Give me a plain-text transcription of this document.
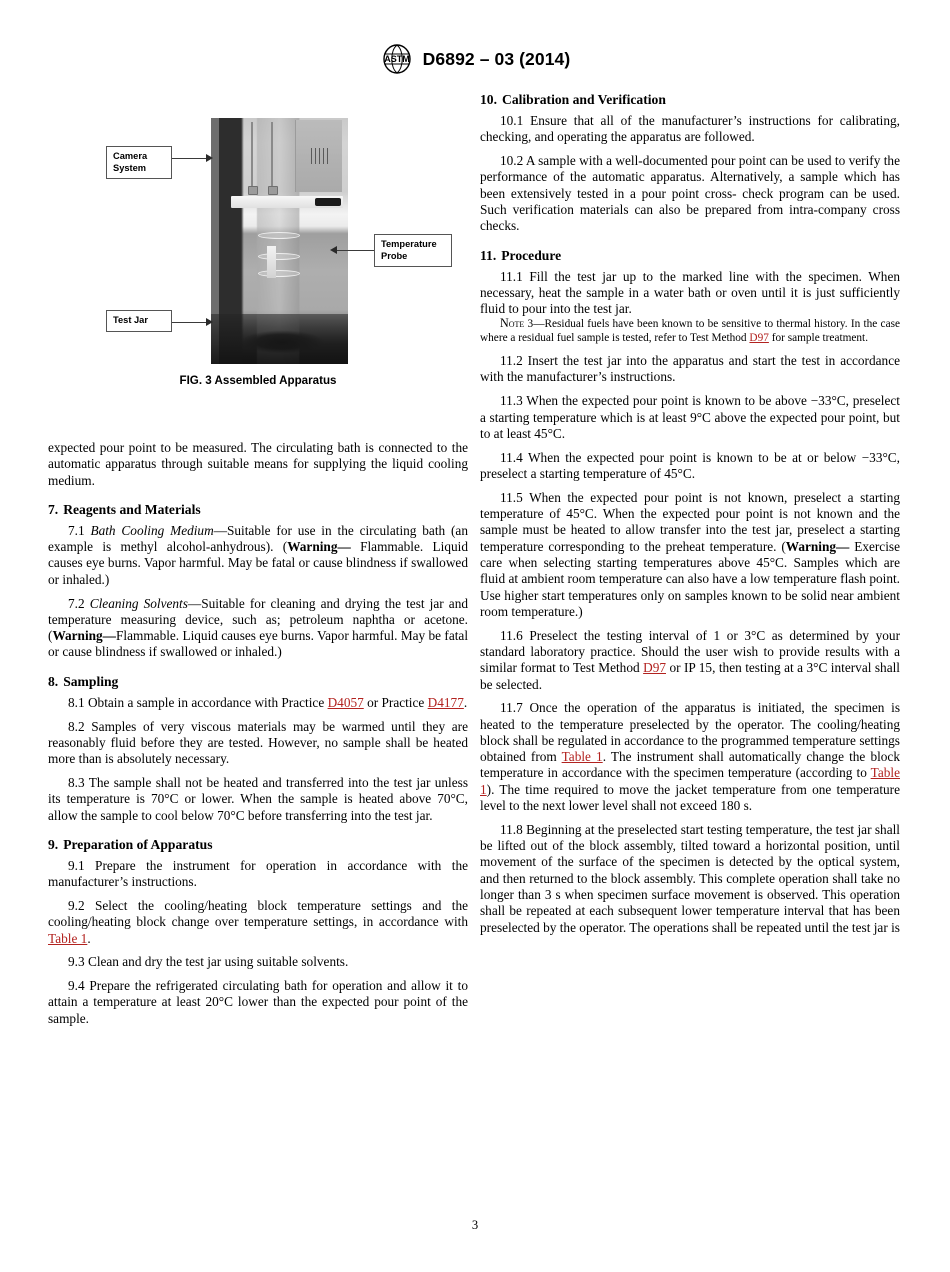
ASTM D6892 – 03 (2014)
Camera System
Test Jar
Temperature Probe
FIG. 3 Assembled Apparatus

expected pour point to be measured. The circulating bath is connected to the automatic apparatus through suitable means for supplying the liquid cooling medium.

7. Reagents and Materials

7.1 Bath Cooling Medium—Suitable for use in the circulating bath (an example is methyl alcohol-anhydrous). (Warning— Flammable. Liquid causes eye burns. Vapor harmful. May be fatal or cause blindness if swallowed or inhaled.)

7.2 Cleaning Solvents—Suitable for cleaning and drying the test jar and temperature measuring device, such as; petroleum naphtha or acetone. (Warning—Flammable. Liquid causes eye burns. Vapor harmful. May be fatal or cause blindness if swallowed or inhaled.)

8. Sampling

8.1 Obtain a sample in accordance with Practice D4057 or Practice D4177.

8.2 Samples of very viscous materials may be warmed until they are reasonably fluid before they are tested. However, no sample shall be heated more than is absolutely necessary.

8.3 The sample shall not be heated and transferred into the test jar unless its temperature is 70°C or lower. When the sample is heated above 70°C, allow the sample to cool below 70°C before transferring into the test jar.

9. Preparation of Apparatus

9.1 Prepare the instrument for operation in accordance with the manufacturer’s instructions.

9.2 Select the cooling/heating block temperature settings and the cooling/heating block change over temperature settings, in accordance with Table 1.

9.3 Clean and dry the test jar using suitable solvents.

9.4 Prepare the refrigerated circulating bath for operation and allow it to attain a temperature at least 20°C lower than the expected pour point of the sample.

10. Calibration and Verification

10.1 Ensure that all of the manufacturer’s instructions for calibrating, checking, and operating the apparatus are followed.

10.2 A sample with a well-documented pour point can be used to verify the performance of the automatic apparatus. Alternatively, a sample which has been extensively tested in a pour point cross- check program can be used. Such verification materials can also be prepared from intra-company cross checks.

11. Procedure

11.1 Fill the test jar up to the marked line with the specimen. When necessary, heat the sample in a water bath or oven until it is just sufficiently fluid to pour into the test jar.

Note 3—Residual fuels have been known to be sensitive to thermal history. In the case where a residual fuel sample is tested, refer to Test Method D97 for sample treatment.

11.2 Insert the test jar into the apparatus and start the test in accordance with the manufacturer’s instructions.

11.3 When the expected pour point is known to be above −33°C, preselect a starting temperature which is at least 9°C above the expected pour point, but to at least 45°C.

11.4 When the expected pour point is known to be at or below −33°C, preselect a starting temperature of 45°C.

11.5 When the expected pour point is not known, preselect a starting temperature of 45°C. When the expected pour point is not known and the sample must be heated to allow transfer into the test jar, preselect a starting temperature corresponding to the preheat temperature. (Warning— Exercise care when selecting starting temperatures above 45°C. Samples which are fluid at ambient room temperature can also have a low temperature flash point. Use higher start temperatures only on samples known to be solid near ambient room temperature.)

11.6 Preselect the testing interval of 1 or 3°C as determined by your standard laboratory practice. Should the user wish to provide results with a similar format to Test Method D97 or IP 15, then testing at a 3°C interval shall be selected.

11.7 Once the operation of the apparatus is initiated, the specimen is heated to the temperature preselected by the operator. The cooling/heating block shall be regulated in accordance to the programmed temperature settings obtained from Table 1. The instrument shall automatically change the block temperature in accordance with the specimen temperature (according to Table 1). The time required to move the jacket temperature from one temperature level to the next lower level shall not exceed 180 s.

11.8 Beginning at the preselected start testing temperature, the test jar shall be lifted out of the block assembly, tilted toward a horizontal position, until movement of the surface of the specimen is detected by the optical system, and then returned to the block assembly. This complete operation shall take no longer than 3 s when specimen surface movement is observed. This operation shall be repeated at each subsequent lower temperature interval that has been preselected by the operator. The operations shall be repeated until the test jar is

3
